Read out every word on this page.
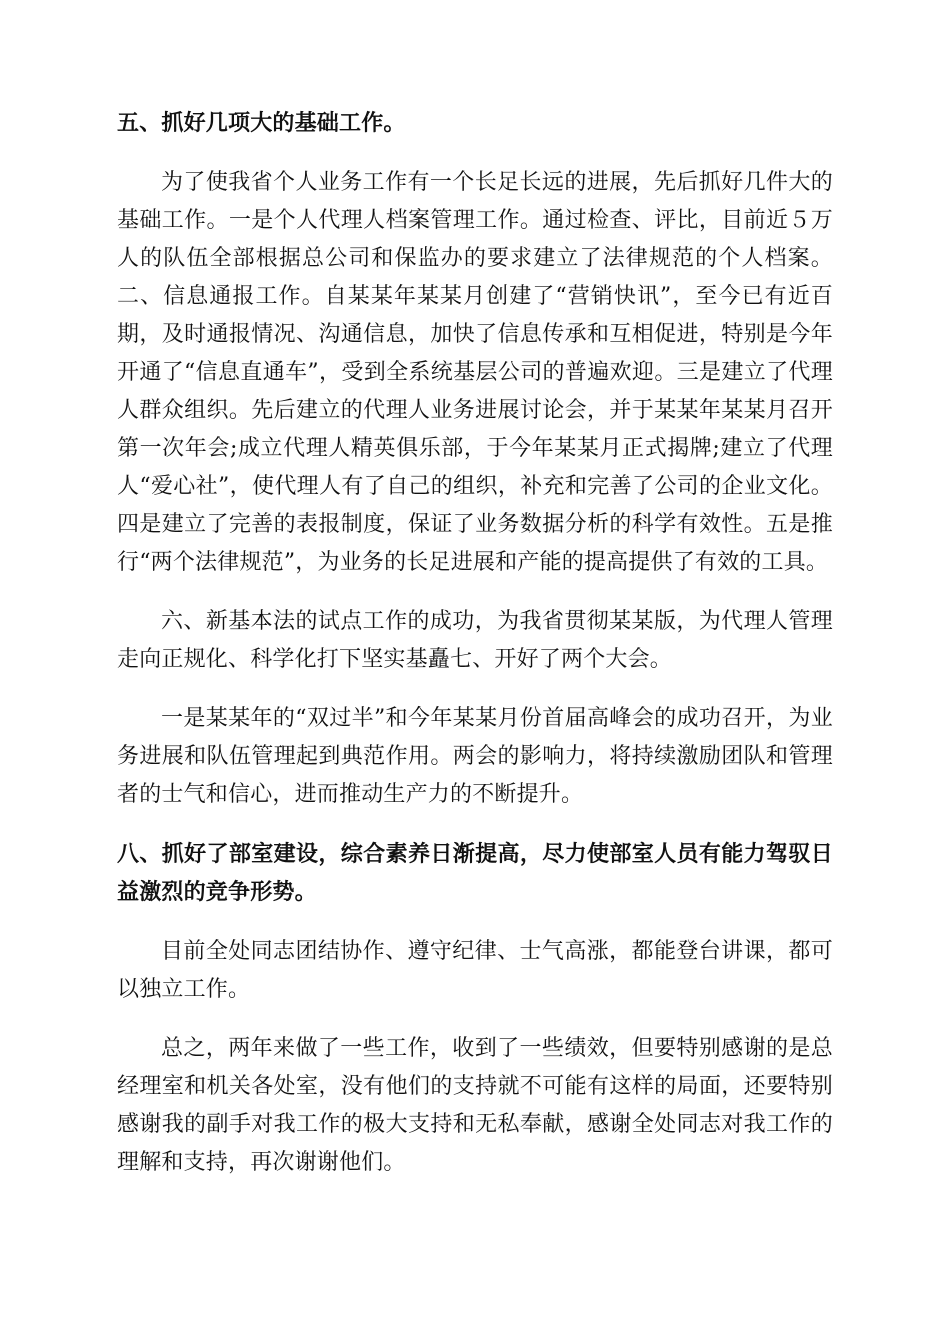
五、抓好几项大的基础工作。

为了使我省个人业务工作有一个长足长远的进展，先后抓好几件大的基础工作。一是个人代理人档案管理工作。通过检查、评比，目前近５万人的队伍全部根据总公司和保监办的要求建立了法律规范的个人档案。二、信息通报工作。自某某年某某月创建了“营销快讯”，至今已有近百期，及时通报情况、沟通信息，加快了信息传承和互相促进，特别是今年开通了“信息直通车”，受到全系统基层公司的普遍欢迎。三是建立了代理人群众组织。先后建立的代理人业务进展讨论会，并于某某年某某月召开第一次年会;成立代理人精英俱乐部，于今年某某月正式揭牌;建立了代理人“爱心社”，使代理人有了自己的组织，补充和完善了公司的企业文化。四是建立了完善的表报制度，保证了业务数据分析的科学有效性。五是推行“两个法律规范”，为业务的长足进展和产能的提高提供了有效的工具。

六、新基本法的试点工作的成功，为我省贯彻某某版，为代理人管理走向正规化、科学化打下坚实基矗七、开好了两个大会。

一是某某年的“双过半”和今年某某月份首届高峰会的成功召开，为业务进展和队伍管理起到典范作用。两会的影响力，将持续激励团队和管理者的士气和信心，进而推动生产力的不断提升。

八、抓好了部室建设，综合素养日渐提高，尽力使部室人员有能力驾驭日益激烈的竞争形势。

目前全处同志团结协作、遵守纪律、士气高涨，都能登台讲课，都可以独立工作。

总之，两年来做了一些工作，收到了一些绩效，但要特别感谢的是总经理室和机关各处室，没有他们的支持就不可能有这样的局面，还要特别感谢我的副手对我工作的极大支持和无私奉献，感谢全处同志对我工作的理解和支持，再次谢谢他们。
